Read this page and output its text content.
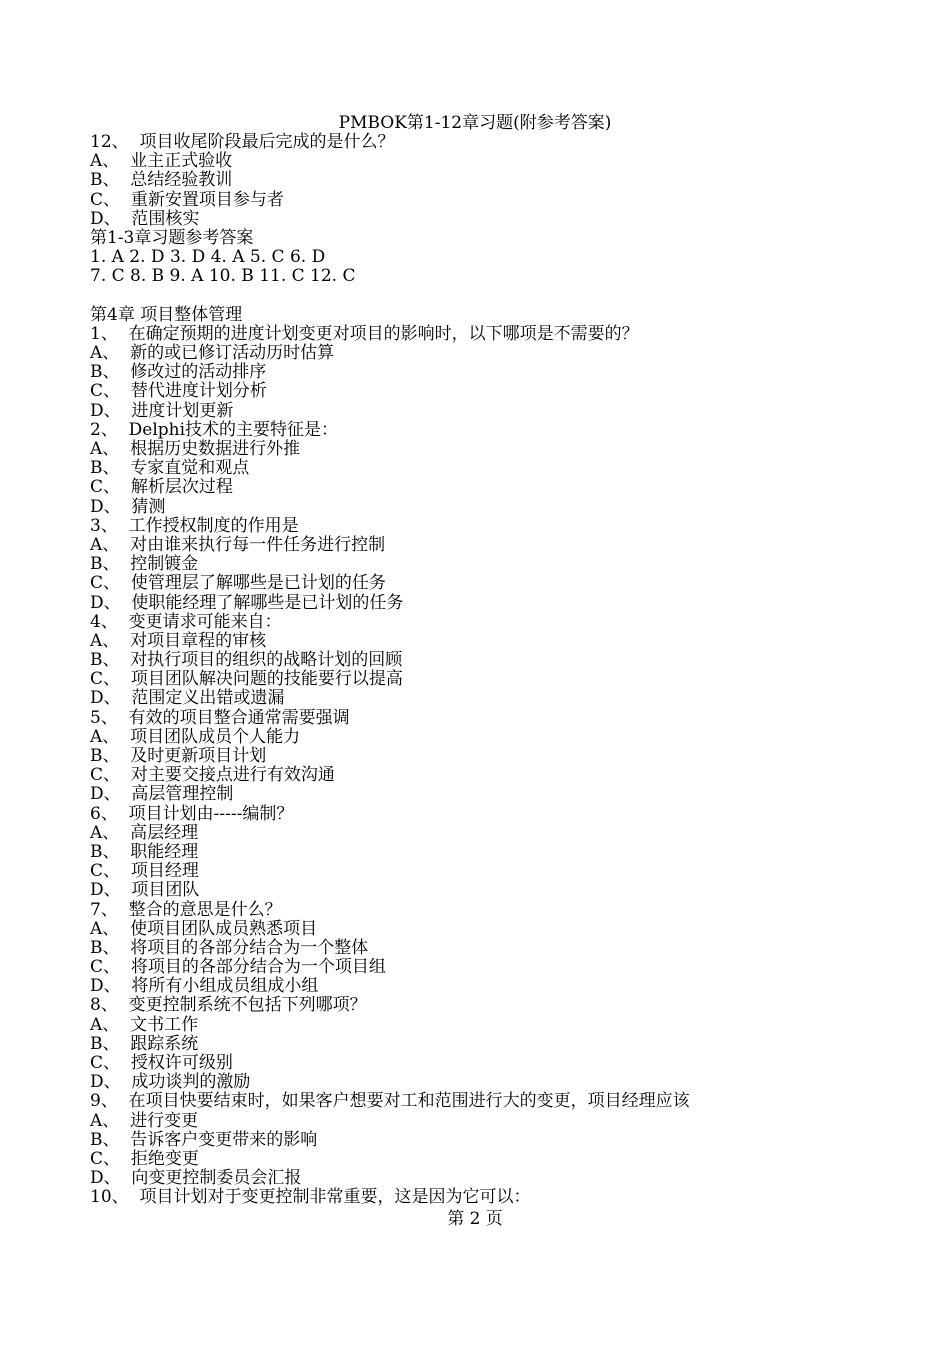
PMBOK第1-12章习题(附参考答案)
12、  项目收尾阶段最后完成的是什么？
A、  业主正式验收
B、  总结经验教训
C、  重新安置项目参与者
D、  范围核实
第1-3章习题参考答案
1. A 2. D 3. D 4. A 5. C 6. D
7. C 8. B 9. A 10. B 11. C 12. C
第4章 项目整体管理
1、  在确定预期的进度计划变更对项目的影响时，以下哪项是不需要的？
A、  新的或已修订活动历时估算
B、  修改过的活动排序
C、  替代进度计划分析
D、  进度计划更新
2、  Delphi技术的主要特征是：
A、  根据历史数据进行外推
B、  专家直觉和观点
C、  解析层次过程
D、  猜测
3、  工作授权制度的作用是
A、  对由谁来执行每一件任务进行控制
B、  控制镀金
C、  使管理层了解哪些是已计划的任务
D、  使职能经理了解哪些是已计划的任务
4、  变更请求可能来自：
A、  对项目章程的审核
B、  对执行项目的组织的战略计划的回顾
C、  项目团队解决问题的技能要行以提高
D、  范围定义出错或遗漏
5、  有效的项目整合通常需要强调
A、  项目团队成员个人能力
B、  及时更新项目计划
C、  对主要交接点进行有效沟通
D、  高层管理控制
6、  项目计划由-----编制？
A、  高层经理
B、  职能经理
C、  项目经理
D、  项目团队
7、  整合的意思是什么？
A、  使项目团队成员熟悉项目
B、  将项目的各部分结合为一个整体
C、  将项目的各部分结合为一个项目组
D、  将所有小组成员组成小组
8、  变更控制系统不包括下列哪项？
A、  文书工作
B、  跟踪系统
C、  授权许可级别
D、  成功谈判的激励
9、  在项目快要结束时，如果客户想要对工和范围进行大的变更，项目经理应该
A、  进行变更
B、  告诉客户变更带来的影响
C、  拒绝变更
D、  向变更控制委员会汇报
10、  项目计划对于变更控制非常重要，这是因为它可以：
第 2 页
